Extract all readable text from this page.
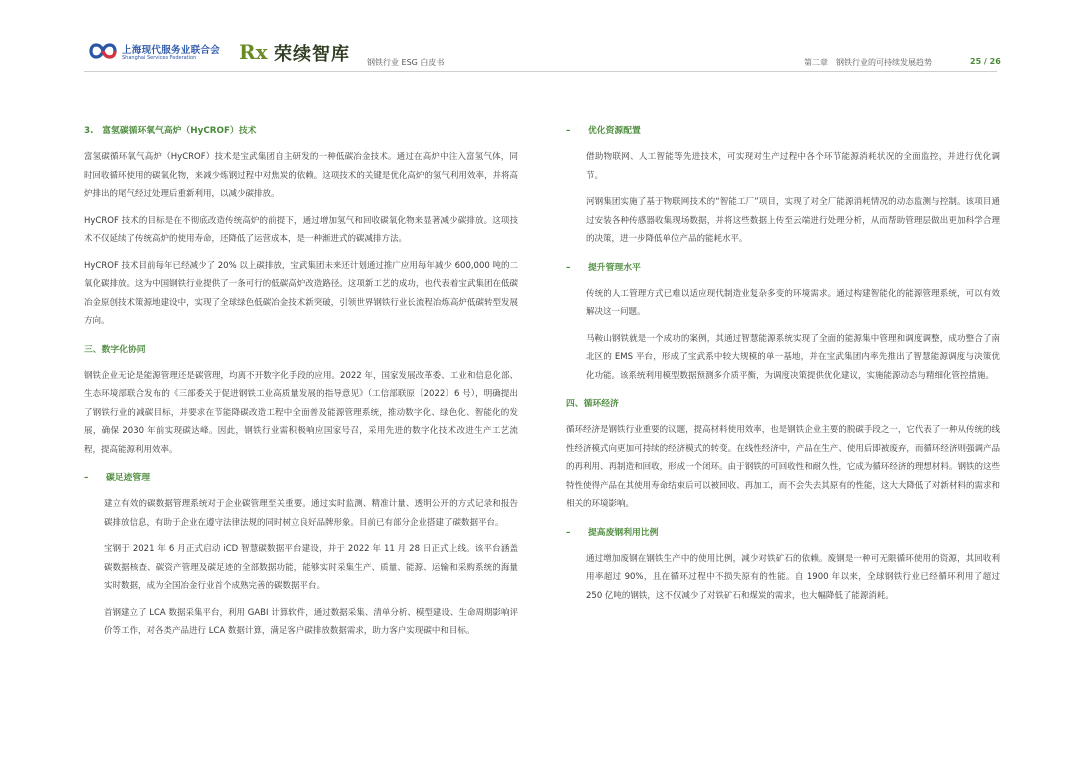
上海现代服务业联合会
Shanghai Services Federation Rx 荣续智库 钢铁行业 ESG 白皮书	第二章　钢铁行业的可持续发展趋势	25 / 26
3.　富氢碳循环氧气高炉（HyCROF）技术

富氢碳循环氧气高炉（HyCROF）技术是宝武集团自主研发的一种低碳冶金技术。通过在高炉中注入富氢气体，同时回收循环使用的碳氧化物，来减少炼钢过程中对焦炭的依赖。这项技术的关键是优化高炉的氢气利用效率，并将高炉排出的尾气经过处理后重新利用，以减少碳排放。

HyCROF 技术的目标是在不彻底改造传统高炉的前提下，通过增加氢气和回收碳氧化物来显著减少碳排放。这项技术不仅延续了传统高炉的使用寿命，还降低了运营成本，是一种渐进式的碳减排方法。

HyCROF 技术目前每年已经减少了 20% 以上碳排放，宝武集团未来还计划通过推广应用每年减少 600,000 吨的二氧化碳排放。这为中国钢铁行业提供了一条可行的低碳高炉改造路径。这项新工艺的成功，也代表着宝武集团在低碳冶金原创技术策源地建设中，实现了全球绿色低碳冶金技术新突破，引领世界钢铁行业长流程冶炼高炉低碳转型发展方向。

三、数字化协同

钢铁企业无论是能源管理还是碳管理，均离不开数字化手段的应用。2022 年，国家发展改革委、工业和信息化部、生态环境部联合发布的《三部委关于促进钢铁工业高质量发展的指导意见》（工信部联原〔2022〕6 号），明确提出了钢铁行业的减碳目标，并要求在节能降碳改造工程中全面普及能源管理系统，推动数字化、绿色化、智能化的发展，确保 2030 年前实现碳达峰。因此，钢铁行业需积极响应国家号召，采用先进的数字化技术改进生产工艺流程，提高能源利用效率。

– 碳足迹管理

建立有效的碳数据管理系统对于企业碳管理至关重要。通过实时监测、精准计量、透明公开的方式记录和报告碳排放信息，有助于企业在遵守法律法规的同时树立良好品牌形象。目前已有部分企业搭建了碳数据平台。

宝钢于 2021 年 6 月正式启动 iCD 智慧碳数据平台建设，并于 2022 年 11 月 28 日正式上线。该平台涵盖碳数据核查、碳资产管理及碳足迹的全部数据功能，能够实时采集生产、质量、能源、运输和采购系统的海量实时数据，成为全国冶金行业首个成熟完善的碳数据平台。

首钢建立了 LCA 数据采集平台，利用 GABI 计算软件，通过数据采集、清单分析、模型建设、生命周期影响评价等工作，对各类产品进行 LCA 数据计算，满足客户碳排放数据需求，助力客户实现碳中和目标。

– 优化资源配置

借助物联网、人工智能等先进技术，可实现对生产过程中各个环节能源消耗状况的全面监控，并进行优化调节。

河钢集团实施了基于物联网技术的“智能工厂”项目，实现了对全厂能源消耗情况的动态监测与控制。该项目通过安装各种传感器收集现场数据，并将这些数据上传至云端进行处理分析，从而帮助管理层做出更加科学合理的决策，进一步降低单位产品的能耗水平。

– 提升管理水平

传统的人工管理方式已难以适应现代制造业复杂多变的环境需求。通过构建智能化的能源管理系统，可以有效解决这一问题。

马鞍山钢铁就是一个成功的案例，其通过智慧能源系统实现了全面的能源集中管理和调度调整，成功整合了南北区的 EMS 平台，形成了宝武系中较大规模的单一基地，并在宝武集团内率先推出了智慧能源调度与决策优化功能。该系统利用模型数据预测多介质平衡，为调度决策提供优化建议，实施能源动态与精细化管控措施。

四、循环经济

循环经济是钢铁行业重要的议题，提高材料使用效率，也是钢铁企业主要的脱碳手段之一，它代表了一种从传统的线性经济模式向更加可持续的经济模式的转变。在线性经济中，产品在生产、使用后即被废弃，而循环经济则强调产品的再利用、再制造和回收，形成一个闭环。由于钢铁的可回收性和耐久性，它成为循环经济的理想材料。钢铁的这些特性使得产品在其使用寿命结束后可以被回收、再加工，而不会失去其原有的性能，这大大降低了对新材料的需求和相关的环境影响。

– 提高废钢利用比例

通过增加废钢在钢铁生产中的使用比例，减少对铁矿石的依赖。废钢是一种可无限循环使用的资源，其回收利用率超过 90%，且在循环过程中不损失原有的性能。自 1900 年以来，全球钢铁行业已经循环利用了超过 250 亿吨的钢铁，这不仅减少了对铁矿石和煤炭的需求，也大幅降低了能源消耗。
